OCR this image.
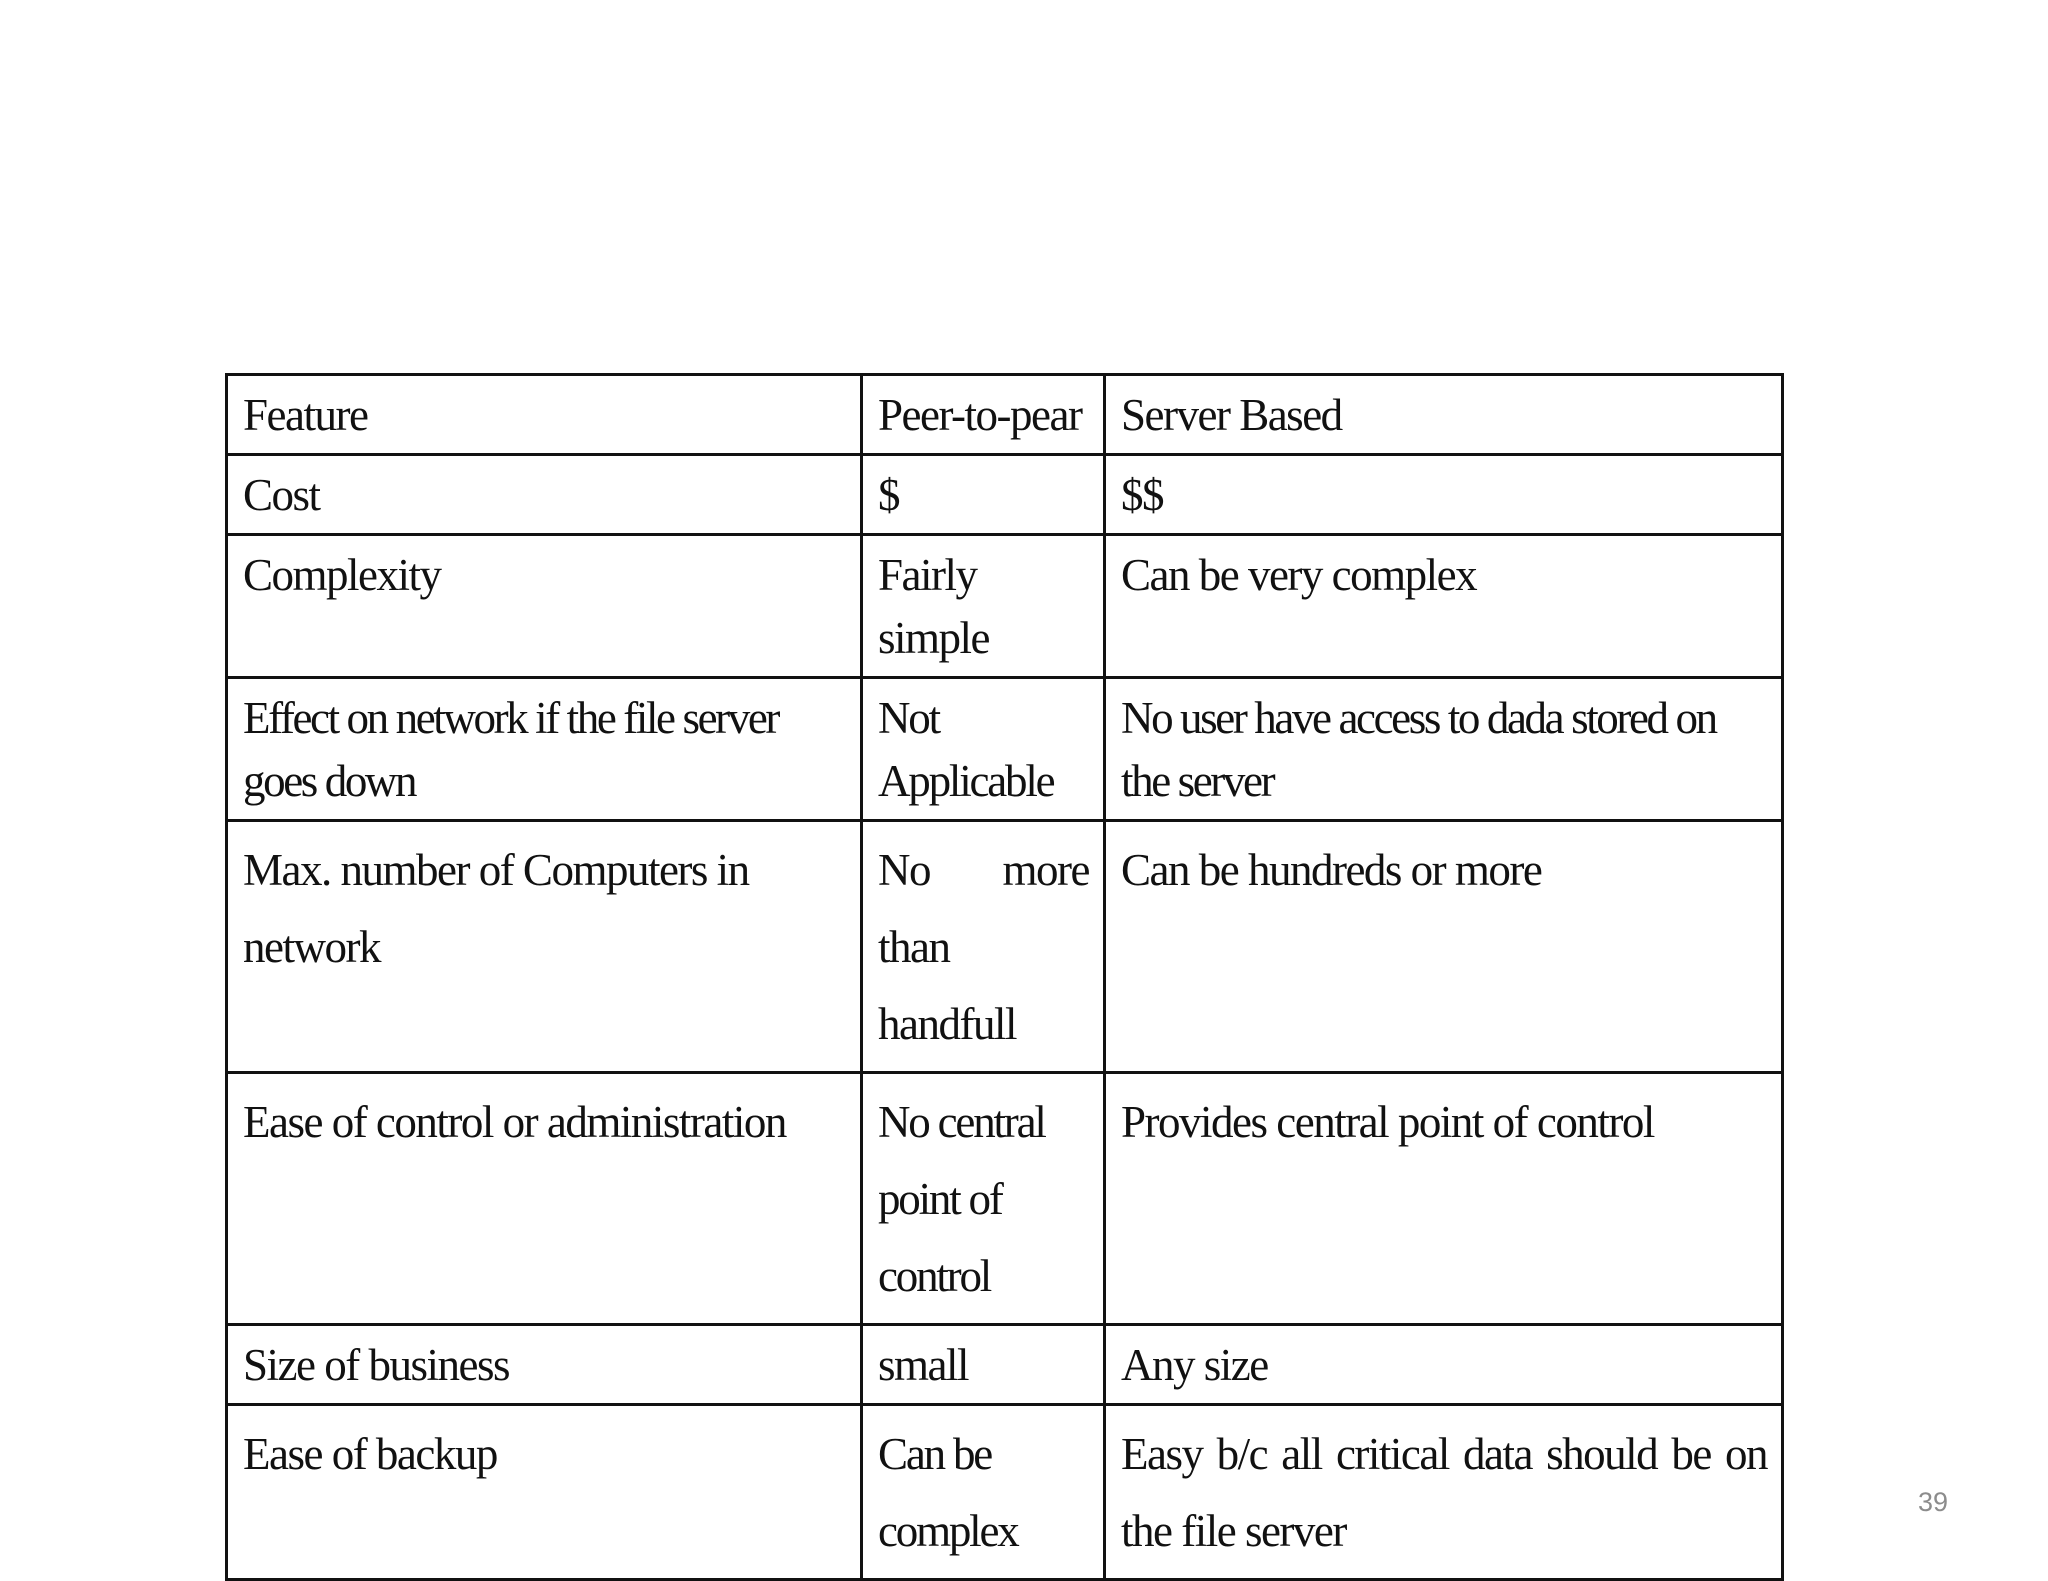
Feature	Peer-to-pear	Server Based
Cost	$	$$
Complexity	Fairly simple	Can be very complex
Effect on network if the file server goes down	Not Applicable	No user have access to dada stored on the server
Max. number of Computers in network	No more than handfull	Can be hundreds or more
Ease of control or administration	No central point of control	Provides central point of control
Size of business	small	Any size
Ease of backup	Can be complex	Easy b/c all critical data should be on the file server
39
